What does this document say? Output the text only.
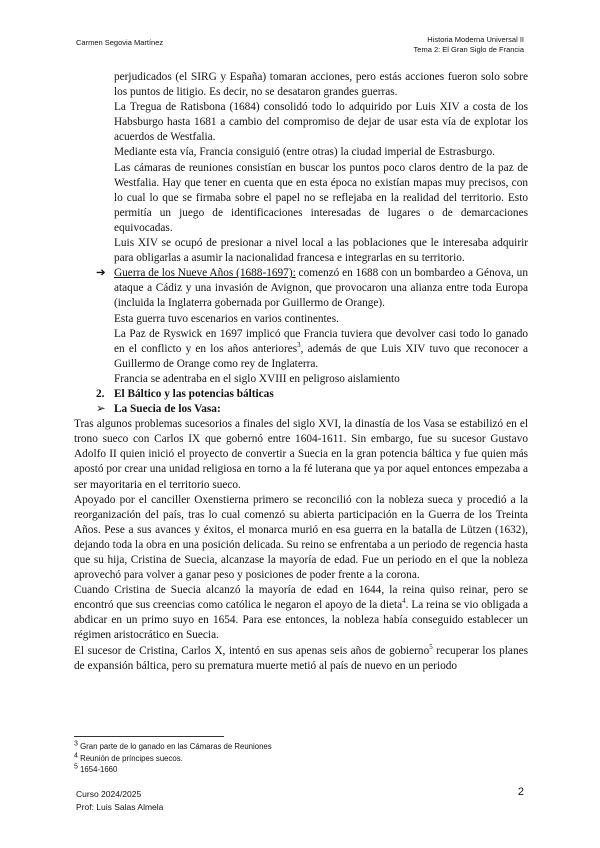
Carmen Segovia Martínez	Historia Moderna Universal II
Tema 2: El Gran Siglo de Francia

perjudicados (el SIRG y España) tomaran acciones, pero estás acciones fueron solo sobre los puntos de litigio. Es decir, no se desataron grandes guerras.

La Tregua de Ratisbona (1684) consolidó todo lo adquirido por Luis XIV a costa de los Habsburgo hasta 1681 a cambio del compromiso de dejar de usar esta vía de explotar los acuerdos de Westfalia.

Mediante esta vía, Francia consiguió (entre otras) la ciudad imperial de Estrasburgo.

Las cámaras de reuniones consistían en buscar los puntos poco claros dentro de la paz de Westfalia. Hay que tener en cuenta que en esta época no existían mapas muy precisos, con lo cual lo que se firmaba sobre el papel no se reflejaba en la realidad del territorio. Esto permitía un juego de identificaciones interesadas de lugares o de demarcaciones equivocadas.

Luis XIV se ocupó de presionar a nivel local a las poblaciones que le interesaba adquirir para obligarlas a asumir la nacionalidad francesa e integrarlas en su territorio.

➔ Guerra de los Nueve Años (1688-1697): comenzó en 1688 con un bombardeo a Génova, un ataque a Cádiz y una invasión de Avignon, que provocaron una alianza entre toda Europa (incluida la Inglaterra gobernada por Guillermo de Orange).

Esta guerra tuvo escenarios en varios continentes.

La Paz de Ryswick en 1697 implicó que Francia tuviera que devolver casi todo lo ganado en el conflicto y en los años anteriores$^3$, además de que Luis XIV tuvo que reconocer a Guillermo de Orange como rey de Inglaterra.

Francia se adentraba en el siglo XVIII en peligroso aislamiento

2. El Báltico y las potencias bálticas

➢ La Suecia de los Vasa:

Tras algunos problemas sucesorios a finales del siglo XVI, la dinastía de los Vasa se estabilizó en el trono sueco con Carlos IX que gobernó entre 1604-1611. Sin embargo, fue su sucesor Gustavo Adolfo II quien inició el proyecto de convertir a Suecia en la gran potencia báltica y fue quien más apostó por crear una unidad religiosa en torno a la fé luterana que ya por aquel entonces empezaba a ser mayoritaria en el territorio sueco.

Apoyado por el canciller Oxenstierna primero se reconcilió con la nobleza sueca y procedió a la reorganización del país, tras lo cual comenzó su abierta participación en la Guerra de los Treinta Años. Pese a sus avances y éxitos, el monarca murió en esa guerra en la batalla de Lützen (1632), dejando toda la obra en una posición delicada. Su reino se enfrentaba a un periodo de regencia hasta que su hija, Cristina de Suecia, alcanzase la mayoría de edad. Fue un periodo en el que la nobleza aprovechó para volver a ganar peso y posiciones de poder frente a la corona.

Cuando Cristina de Suecia alcanzó la mayoría de edad en 1644, la reina quiso reinar, pero se encontró que sus creencias como católica le negaron el apoyo de la dieta$^4$. La reina se vio obligada a abdicar en un primo suyo en 1654. Para ese entonces, la nobleza había conseguido establecer un régimen aristocrático en Suecia.

El sucesor de Cristina, Carlos X, intentó en sus apenas seis años de gobierno$^5$ recuperar los planes de expansión báltica, pero su prematura muerte metió al país de nuevo en un periodo

$^3$ Gran parte de lo ganado en las Cámaras de Reuniones
$^4$ Reunión de príncipes suecos.
$^5$ 1654-1660
Curso 2024/2025
Prof: Luis Salas Almela
2
